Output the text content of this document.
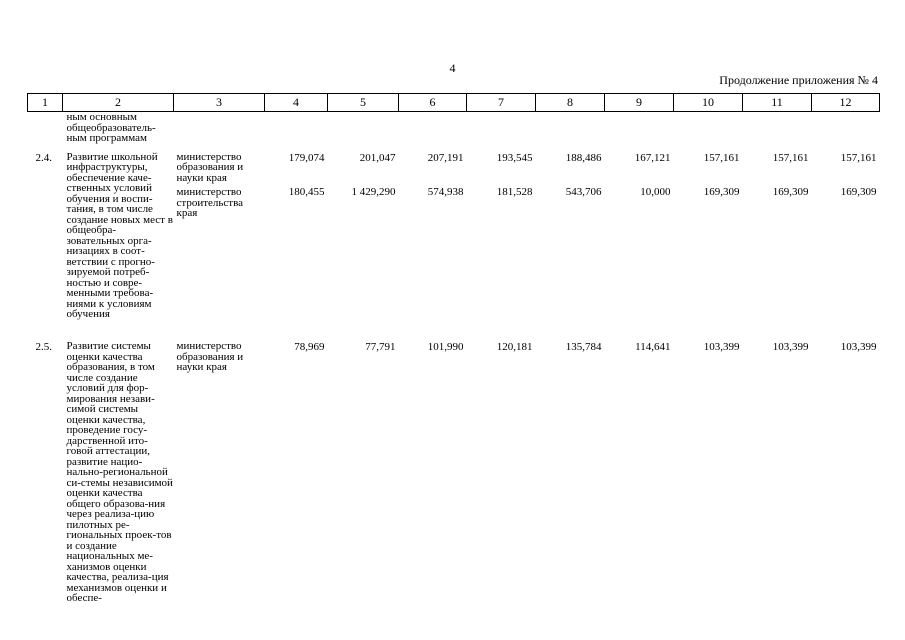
4
Продолжение приложения № 4
1	2	3	4	5	6	7	8	9	10	11	12
	ным основным общеобразователь-ным программам										

2.4.	Развитие школьной инфраструктуры, обеспечение каче-ственных условий обучения и воспи-тания, в том числе создание новых мест в общеобра-зовательных орга-низациях в соот-ветствии с прогно-зируемой потреб-ностью и совре-менными требова-ниями к условиям обучения	министерство образования и науки края	179,074	201,047	207,191	193,545	188,486	167,121	157,161	157,161	157,161
		министерство строительства края	180,455	1 429,290	574,938	181,528	543,706	10,000	169,309	169,309	169,309

2.5.	Развитие системы оценки качества образования, в том числе создание условий для фор-мирования незави-симой системы оценки качества, проведение госу-дарственной ито-говой аттестации, развитие нацио-нально-региональной си-стемы независимой оценки качества общего образова-ния через реализа-цию пилотных ре-гиональных проек-тов и создание национальных ме-ханизмов оценки качества, реализа-ция механизмов оценки и обеспе-	министерство образования и науки края	78,969	77,791	101,990	120,181	135,784	114,641	103,399	103,399	103,399
